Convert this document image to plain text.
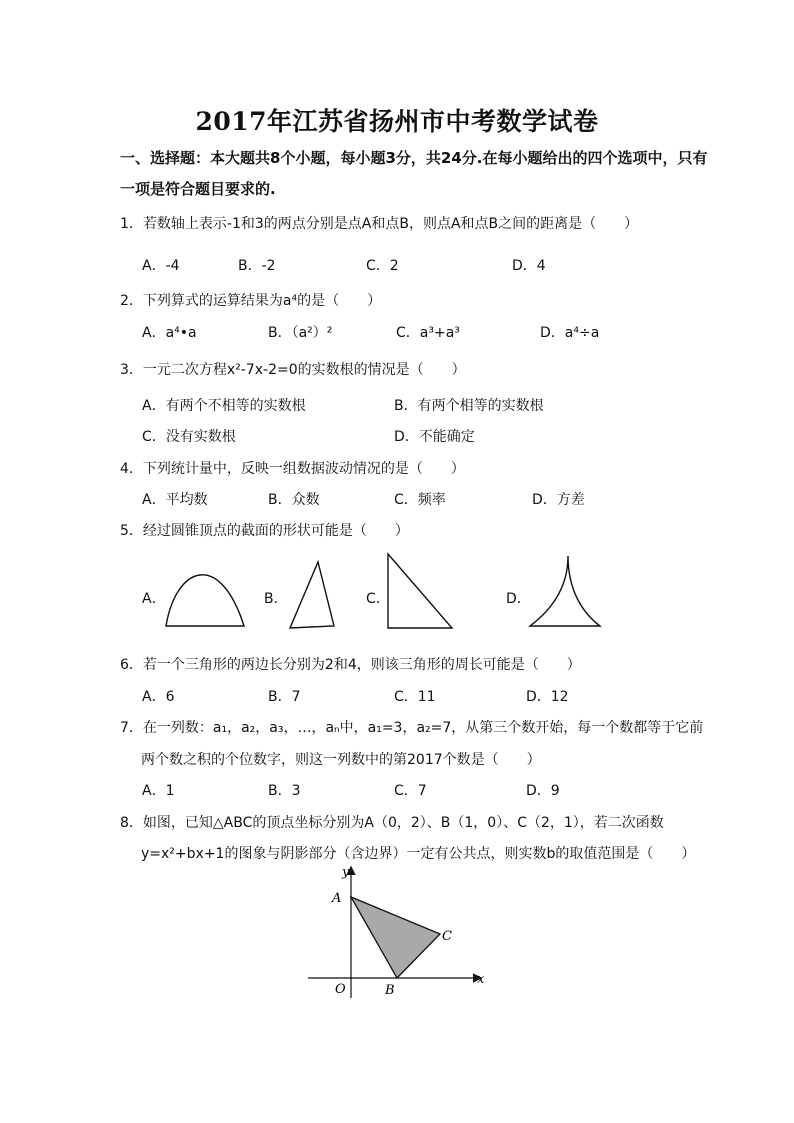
2017年江苏省扬州市中考数学试卷
一、选择题：本大题共8个小题，每小题3分，共24分.在每小题给出的四个选项中，只有
一项是符合题目要求的.
1．若数轴上表示-1和3的两点分别是点A和点B，则点A和点B之间的距离是（　　）
A．-4	B．-2	C．2	D．4
2．下列算式的运算结果为a⁴的是（　　）
A．a⁴•a	B．（a²）²	C．a³+a³	D．a⁴÷a
3．一元二次方程x²-7x-2=0的实数根的情况是（　　）
A．有两个不相等的实数根	B．有两个相等的实数根
C．没有实数根	D．不能确定
4．下列统计量中，反映一组数据波动情况的是（　　）
A．平均数	B．众数	C．频率	D．方差
5．经过圆锥顶点的截面的形状可能是（　　）
A．	B．	C．	D．
6．若一个三角形的两边长分别为2和4，则该三角形的周长可能是（　　）
A．6	B．7	C．11	D．12
7．在一列数：a₁，a₂，a₃，…，aₙ中，a₁=3，a₂=7，从第三个数开始，每一个数都等于它前
两个数之积的个位数字，则这一列数中的第2017个数是（　　）
A．1	B．3	C．7	D．9
8．如图，已知△ABC的顶点坐标分别为A（0，2）、B（1，0）、C（2，1），若二次函数
y=x²+bx+1的图象与阴影部分（含边界）一定有公共点，则实数b的取值范围是（　　）
y
x
A
B
C
O
